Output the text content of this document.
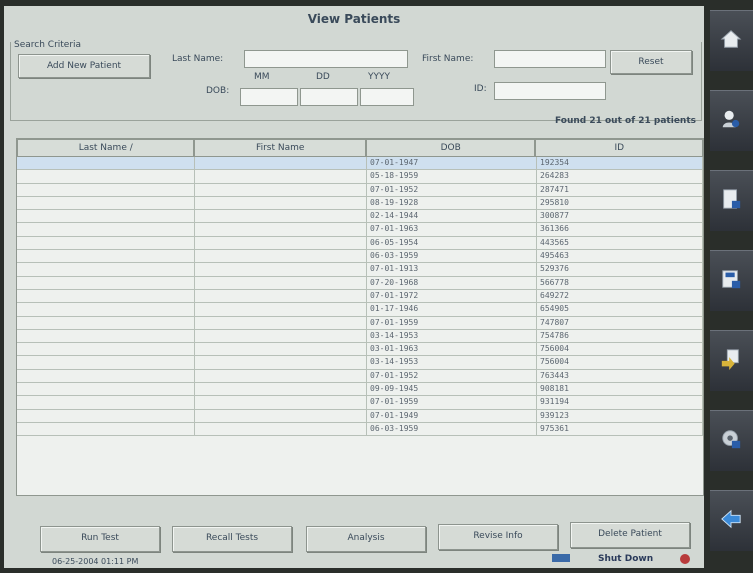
View Patients
Search Criteria
Add New Patient
Last Name:	First Name:	Reset
MM	DD	YYYY
DOB:	ID:
Found 21 out of 21 patients
Last Name /	First Name	DOB	ID
07-01-1947	192354
05-18-1959	264283
07-01-1952	287471
08-19-1928	295810
02-14-1944	300877
07-01-1963	361366
06-05-1954	443565
06-03-1959	495463
07-01-1913	529376
07-20-1968	566778
07-01-1972	649272
01-17-1946	654905
07-01-1959	747807
03-14-1953	754786
03-01-1963	756004
03-14-1953	756004
07-01-1952	763443
09-09-1945	908181
07-01-1959	931194
07-01-1949	939123
06-03-1959	975361
Run Test	Recall Tests	Analysis	Revise Info	Delete Patient
06-25-2004 01:11 PM	Shut Down
